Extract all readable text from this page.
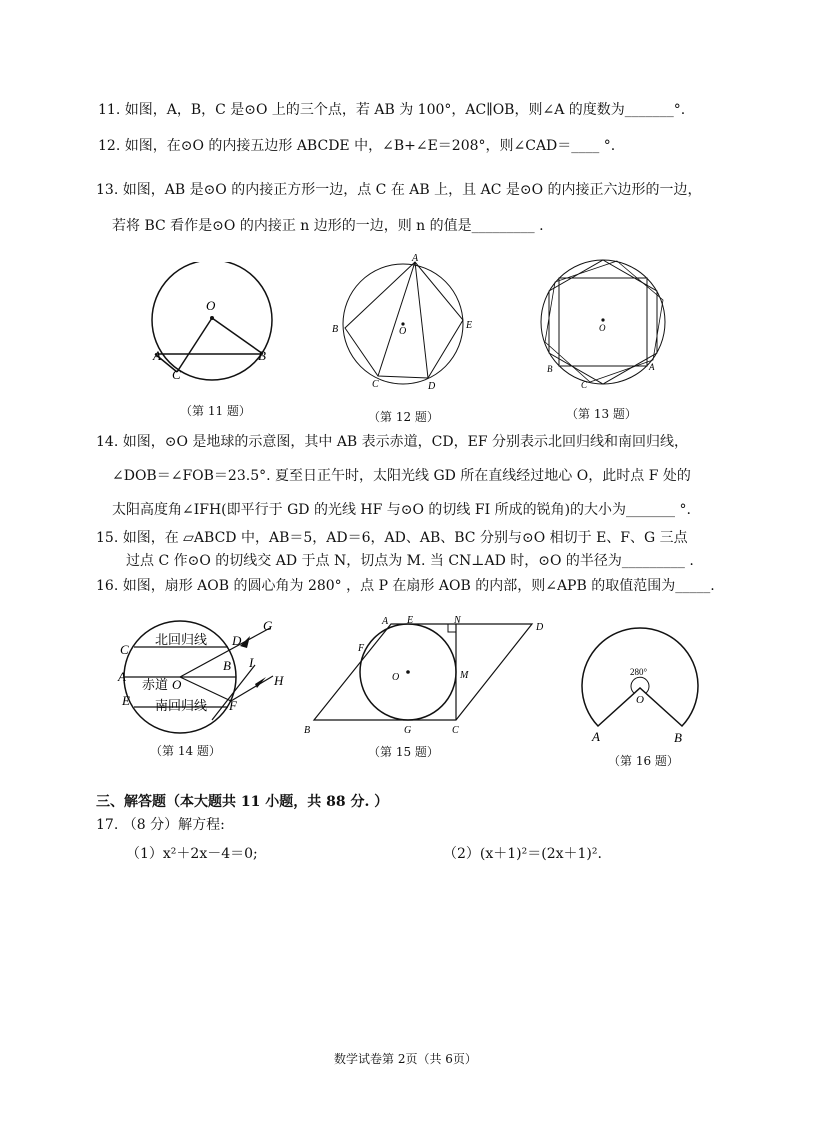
11. 如图，A，B，C 是⊙O 上的三个点，若 AB 为 100°，AC∥OB，则∠A 的度数为_______°.
12. 如图，在⊙O 的内接五边形 ABCDE 中，∠B+∠E＝208°，则∠CAD＝____ °.
13. 如图，AB 是⊙O 的内接正方形一边，点 C 在 AB 上，且 AC 是⊙O 的内接正六边形的一边，
若将 BC 看作是⊙O 的内接正 n 边形的一边，则 n 的值是_________ .
O
A	B
C
（第 11 题）
A
B
C	D
E
O
（第 12 题）
O
B
C
A
（第 13 题）
14. 如图，⊙O 是地球的示意图，其中 AB 表示赤道，CD，EF 分别表示北回归线和南回归线，
∠DOB＝∠FOB＝23.5°. 夏至日正午时，太阳光线 GD 所在直线经过地心 O，此时点 F 处的
太阳高度角∠IFH(即平行于 GD 的光线 HF 与⊙O 的切线 FI 所成的锐角)的大小为_______ °.
15. 如图，在 ▱ABCD 中，AB＝5，AD＝6，AD、AB、BC 分别与⊙O 相切于 E、F、G 三点
过点 C 作⊙O 的切线交 AD 于点 N，切点为 M. 当 CN⊥AD 时，⊙O 的半径为_________ .
16. 如图，扇形 AOB 的圆心角为 280° ，点 P 在扇形 AOB 的内部，则∠APB 的取值范围为_____.
北回归线
赤道
南回归线
C
A
E
O
B
D
F
G
I
H
（第 14 题）
A E	N
D
F
O	M
B	G	C
（第 15 题）
280°
O
A	B
（第 16 题）
三、解答题（本大题共 11 小题，共 88 分. ）
17. （8 分）解方程:
（1）x²＋2x－4＝0;	（2）(x＋1)²＝(2x＋1)².
数学试卷第 2页（共 6页）
